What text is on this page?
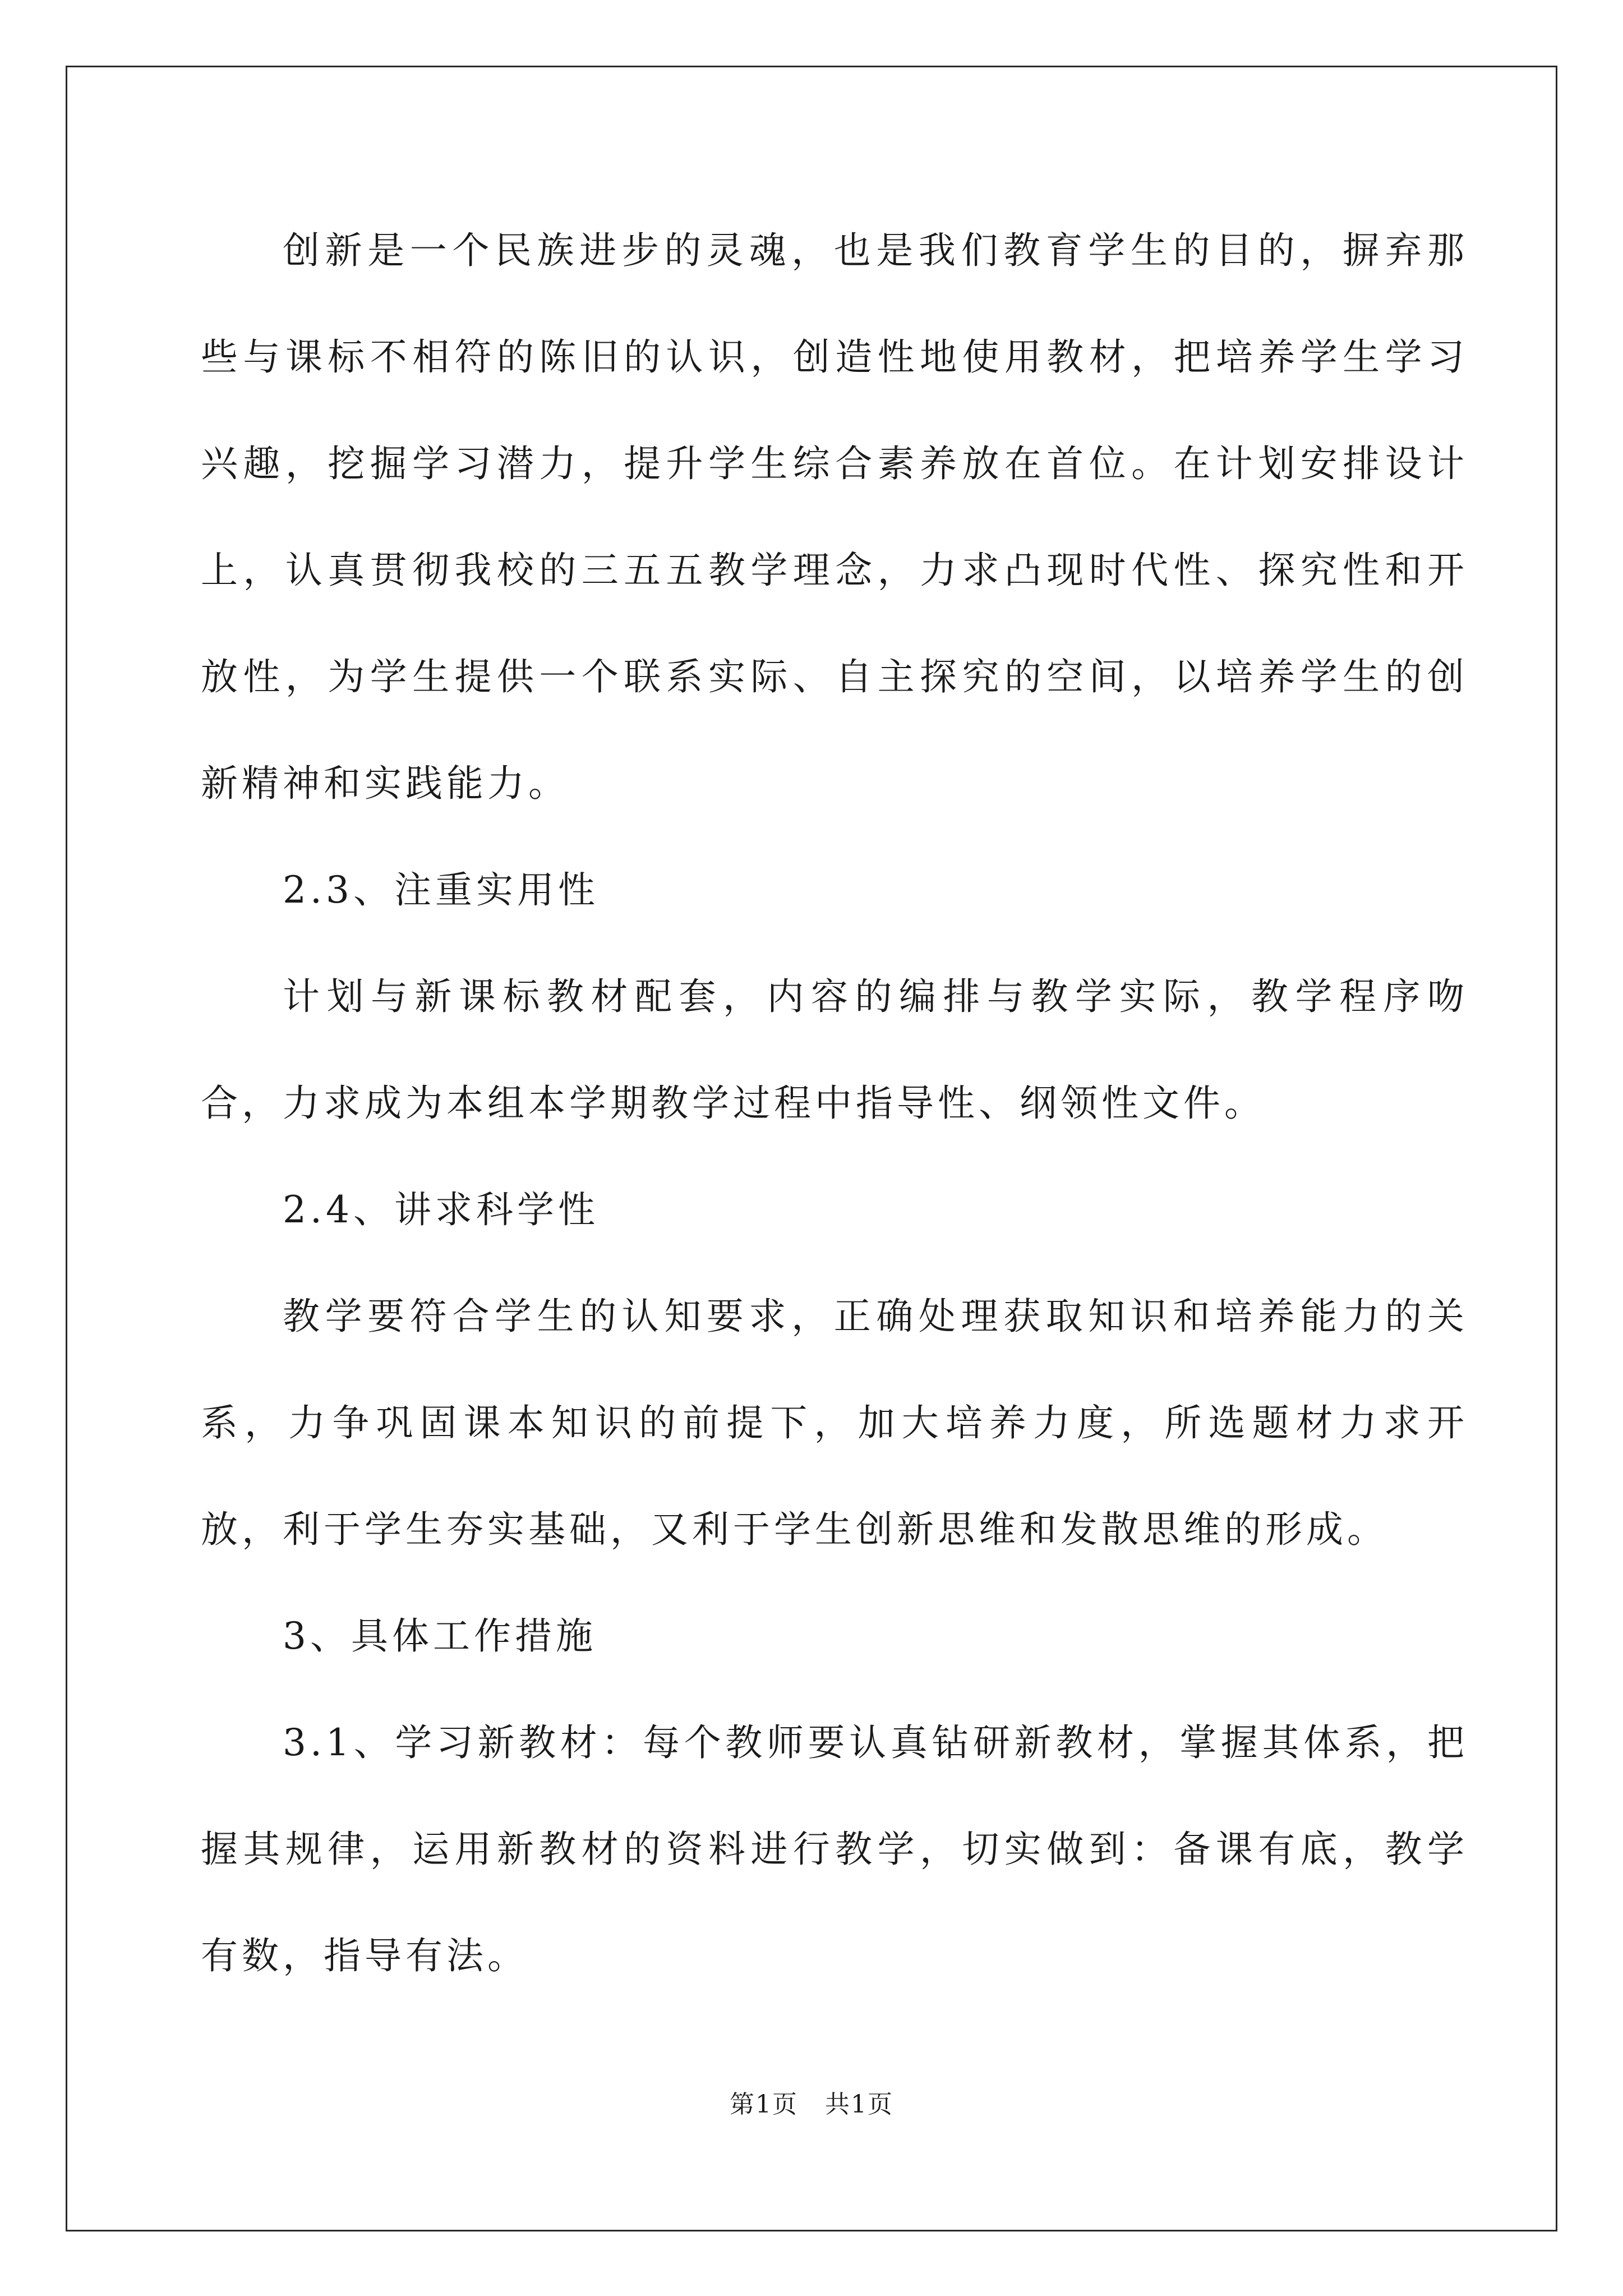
创新是一个民族进步的灵魂，也是我们教育学生的目的，摒弃那些与课标不相符的陈旧的认识，创造性地使用教材，把培养学生学习兴趣，挖掘学习潜力，提升学生综合素养放在首位。在计划安排设计上，认真贯彻我校的三五五教学理念，力求凸现时代性、探究性和开放性，为学生提供一个联系实际、自主探究的空间，以培养学生的创新精神和实践能力。

2.3、注重实用性

计划与新课标教材配套，内容的编排与教学实际，教学程序吻合，力求成为本组本学期教学过程中指导性、纲领性文件。

2.4、讲求科学性

教学要符合学生的认知要求，正确处理获取知识和培养能力的关系，力争巩固课本知识的前提下，加大培养力度，所选题材力求开放，利于学生夯实基础，又利于学生创新思维和发散思维的形成。

3、具体工作措施

3.1、学习新教材：每个教师要认真钻研新教材，掌握其体系，把握其规律，运用新教材的资料进行教学，切实做到：备课有底，教学有数，指导有法。

第1页 共1页
